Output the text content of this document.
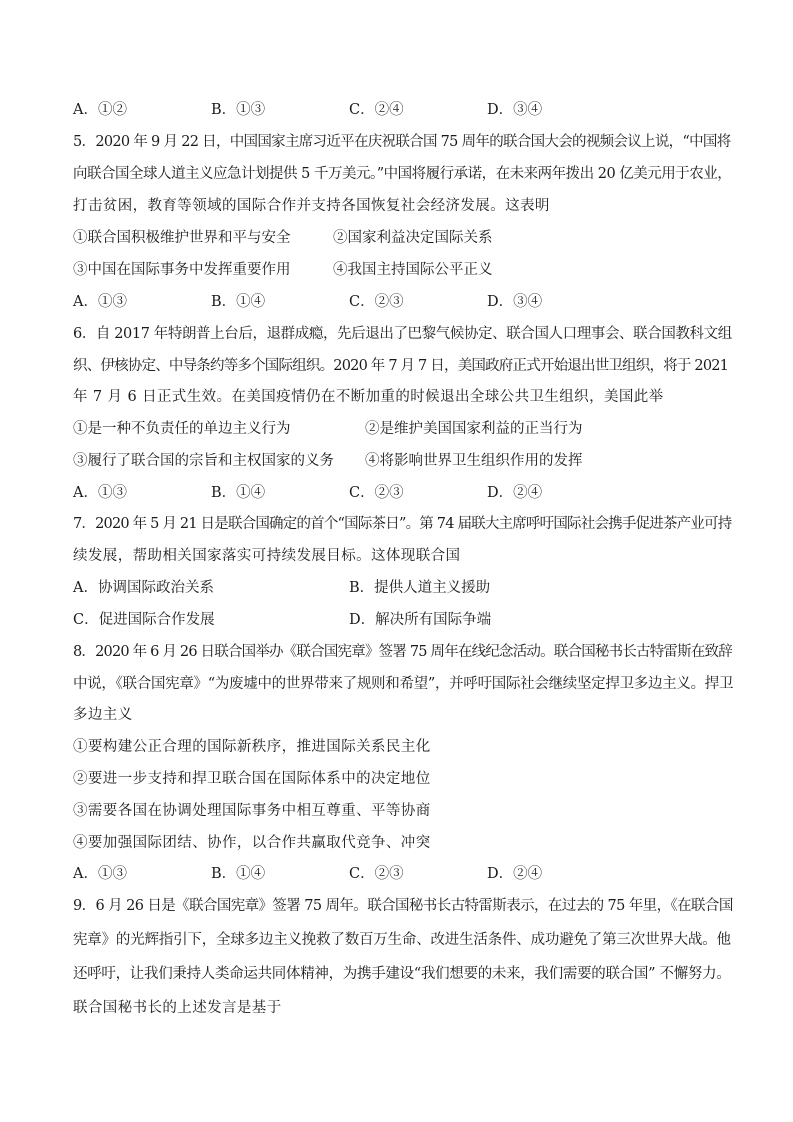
A．①②	B．①③	C．②④	D．③④
5．2020 年 9 月 22 日，中国国家主席习近平在庆祝联合国 75 周年的联合国大会的视频会议上说，“中国将
向联合国全球人道主义应急计划提供 5 千万美元。”中国将履行承诺，在未来两年拨出 20 亿美元用于农业，
打击贫困，教育等领域的国际合作并支持各国恢复社会经济发展。这表明
①联合国积极维护世界和平与安全	②国家利益决定国际关系
③中国在国际事务中发挥重要作用	④我国主持国际公平正义
A．①③	B．①④	C．②③	D．③④
6．自 2017 年特朗普上台后，退群成瘾，先后退出了巴黎气候协定、联合国人口理事会、联合国教科文组
织、伊核协定、中导条约等多个国际组织。2020 年 7 月 7 日，美国政府正式开始退出世卫组织，将于 2021
年 7 月 6 日正式生效。在美国疫情仍在不断加重的时候退出全球公共卫生组织，美国此举
①是一种不负责任的单边主义行为	②是维护美国国家利益的正当行为
③履行了联合国的宗旨和主权国家的义务 ④将影响世界卫生组织作用的发挥
A．①③	B．①④	C．②③	D．②④
7．2020 年 5 月 21 日是联合国确定的首个“国际茶日”。第 74 届联大主席呼吁国际社会携手促进茶产业可持
续发展，帮助相关国家落实可持续发展目标。这体现联合国
A．协调国际政治关系	B．提供人道主义援助
C．促进国际合作发展	D．解决所有国际争端
8．2020 年 6 月 26 日联合国举办《联合国宪章》签署 75 周年在线纪念活动。联合国秘书长古特雷斯在致辞
中说，《联合国宪章》“为废墟中的世界带来了规则和希望”，并呼吁国际社会继续坚定捍卫多边主义。捍卫
多边主义
①要构建公正合理的国际新秩序，推进国际关系民主化
②要进一步支持和捍卫联合国在国际体系中的决定地位
③需要各国在协调处理国际事务中相互尊重、平等协商
④要加强国际团结、协作，以合作共赢取代竞争、冲突
A．①③	B．①④	C．②③	D．②④
9．6 月 26 日是《联合国宪章》签署 75 周年。联合国秘书长古特雷斯表示，在过去的 75 年里，《在联合国
宪章》的光辉指引下，全球多边主义挽救了数百万生命、改进生活条件、成功避免了第三次世界大战。他
还呼吁，让我们秉持人类命运共同体精神，为携手建设“我们想要的未来，我们需要的联合国” 不懈努力。
联合国秘书长的上述发言是基于
